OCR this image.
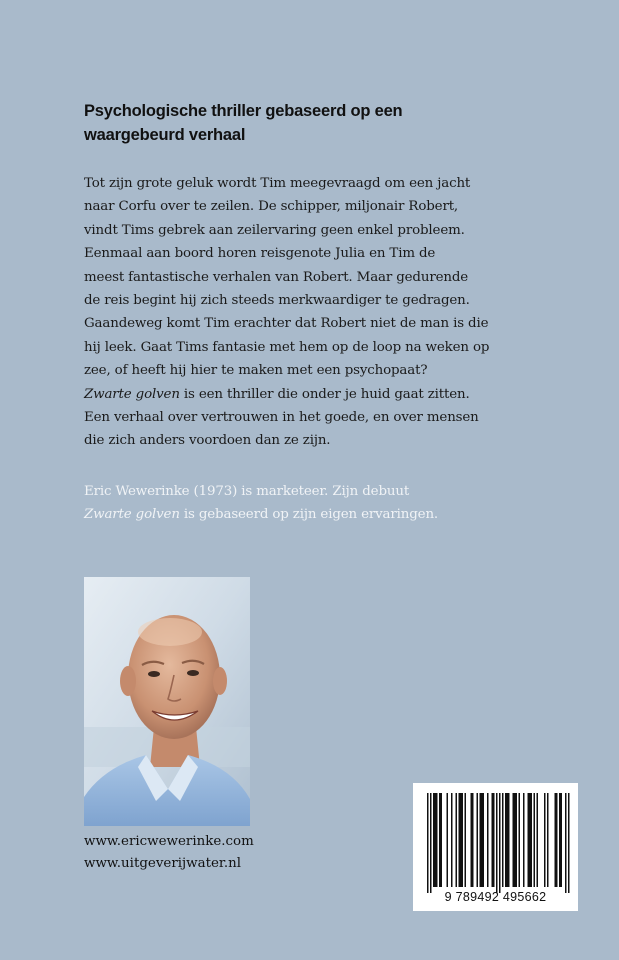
Psychologische thriller gebaseerd op een
waargebeurd verhaal
Tot zijn grote geluk wordt Tim meegevraagd om een jacht
naar Corfu over te zeilen. De schipper, miljonair Robert,
vindt Tims gebrek aan zeilervaring geen enkel probleem.
Eenmaal aan boord horen reisgenote Julia en Tim de
meest fantastische verhalen van Robert. Maar gedurende
de reis begint hij zich steeds merkwaardiger te gedragen.
Gaandeweg komt Tim erachter dat Robert niet de man is die
hij leek. Gaat Tims fantasie met hem op de loop na weken op
zee, of heeft hij hier te maken met een psychopaat?
Zwarte golven is een thriller die onder je huid gaat zitten.
Een verhaal over vertrouwen in het goede, en over mensen
die zich anders voordoen dan ze zijn.
Eric Wewerinke (1973) is marketeer. Zijn debuut
Zwarte golven is gebaseerd op zijn eigen ervaringen.
www.ericwewerinke.com
www.uitgeverijwater.nl
9 789492 495662
